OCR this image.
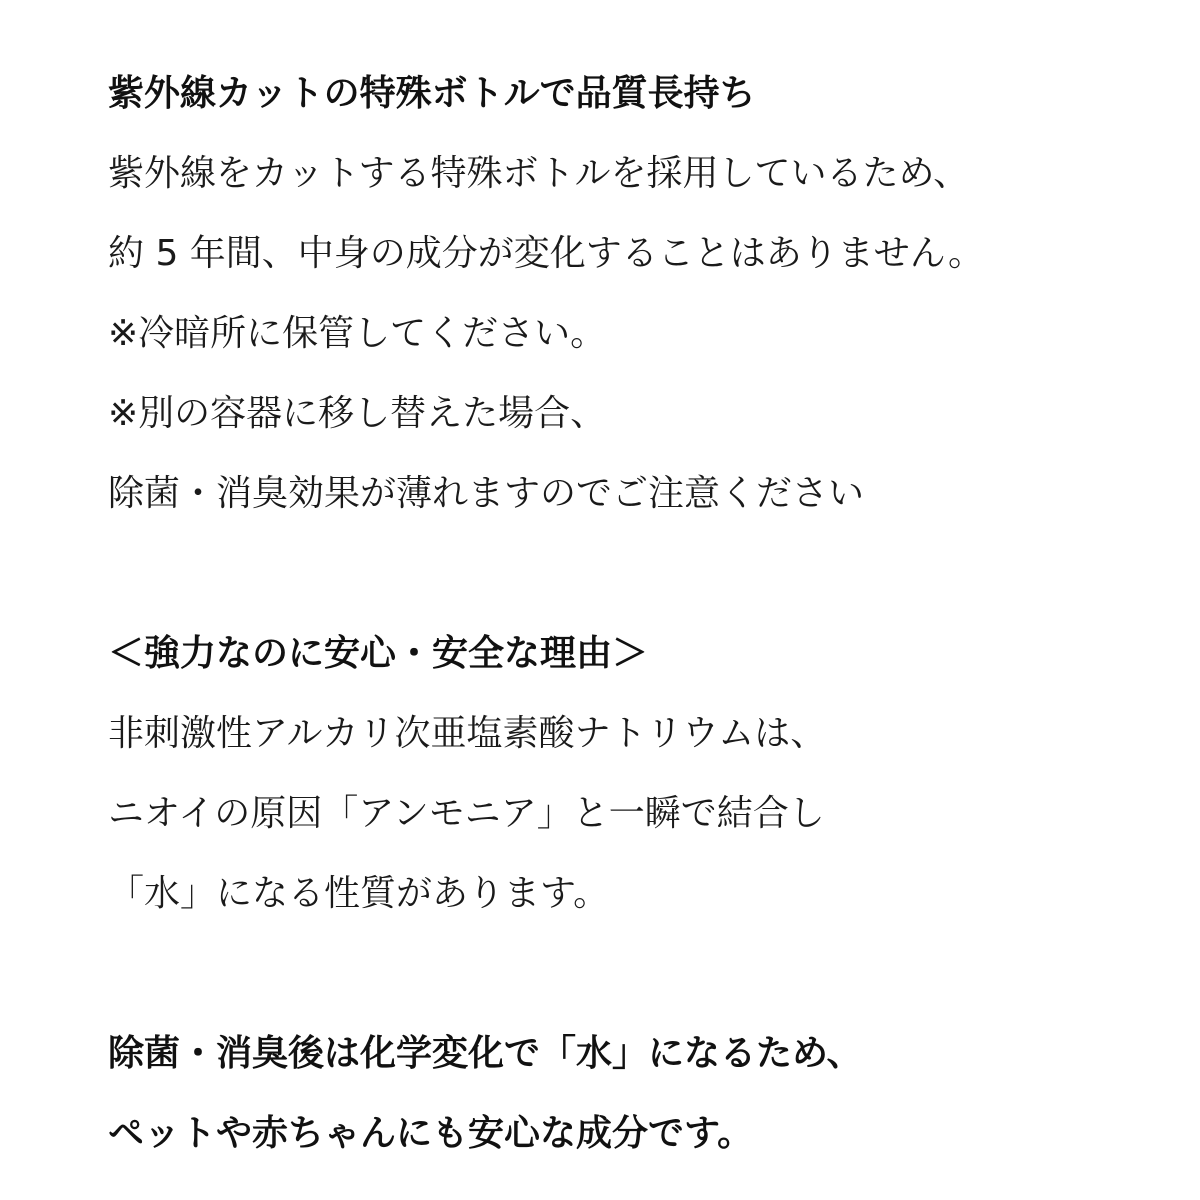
紫外線カットの特殊ボトルで品質長持ち
紫外線をカットする特殊ボトルを採用しているため、
約 5 年間、中身の成分が変化することはありません。
※冷暗所に保管してください。
※別の容器に移し替えた場合、
除菌・消臭効果が薄れますのでご注意ください
＜強力なのに安心・安全な理由＞
非刺激性アルカリ次亜塩素酸ナトリウムは、
ニオイの原因「アンモニア」と一瞬で結合し
「水」になる性質があります。
除菌・消臭後は化学変化で「水」になるため、
ペットや赤ちゃんにも安心な成分です。
